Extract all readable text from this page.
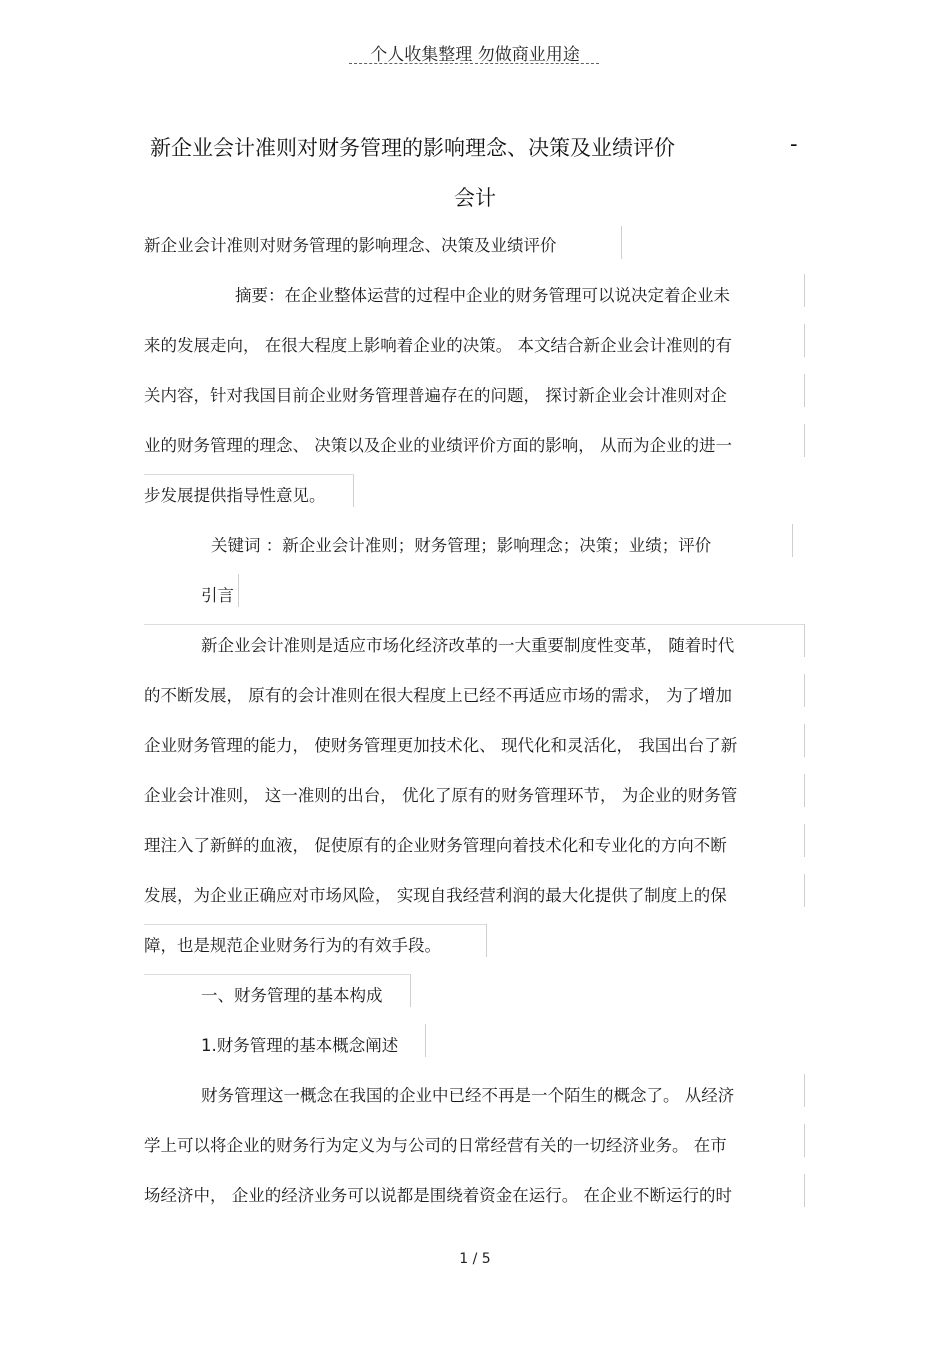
个人收集整理 勿做商业用途
新企业会计准则对财务管理的影响理念、决策及业绩评价	-
会计
新企业会计准则对财务管理的影响理念、决策及业绩评价
摘要：在企业整体运营的过程中企业的财务管理可以说决定着企业未
来的发展走向， 在很大程度上影响着企业的决策。 本文结合新企业会计准则的有
关内容，针对我国目前企业财务管理普遍存在的问题， 探讨新企业会计准则对企
业的财务管理的理念、 决策以及企业的业绩评价方面的影响， 从而为企业的进一
步发展提供指导性意见。
关键词 ：新企业会计准则；财务管理；影响理念；决策；业绩；评价
引言
新企业会计准则是适应市场化经济改革的一大重要制度性变革， 随着时代
的不断发展， 原有的会计准则在很大程度上已经不再适应市场的需求， 为了增加
企业财务管理的能力， 使财务管理更加技术化、 现代化和灵活化， 我国出台了新
企业会计准则， 这一准则的出台， 优化了原有的财务管理环节， 为企业的财务管
理注入了新鲜的血液， 促使原有的企业财务管理向着技术化和专业化的方向不断
发展，为企业正确应对市场风险， 实现自我经营利润的最大化提供了制度上的保
障，也是规范企业财务行为的有效手段。
一、财务管理的基本构成
1.财务管理的基本概念阐述
财务管理这一概念在我国的企业中已经不再是一个陌生的概念了。 从经济
学上可以将企业的财务行为定义为与公司的日常经营有关的一切经济业务。 在市
场经济中， 企业的经济业务可以说都是围绕着资金在运行。 在企业不断运行的时
1 / 5
